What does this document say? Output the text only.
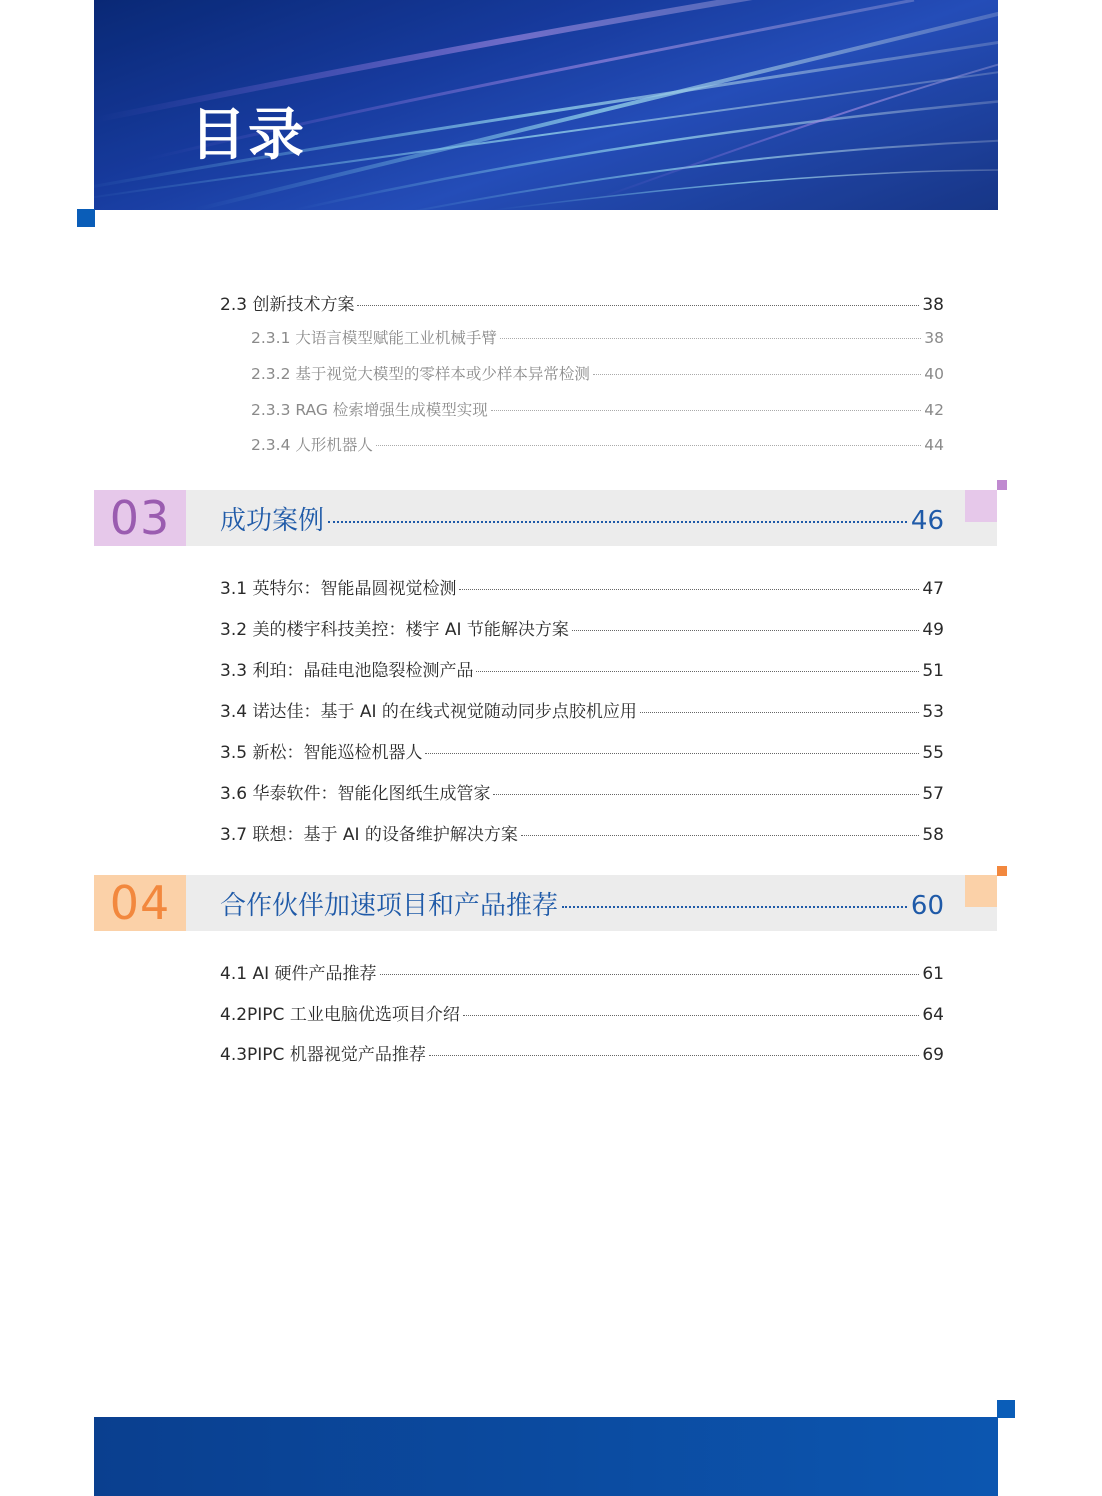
目录
2.3 创新技术方案	38
2.3.1 大语言模型赋能工业机械手臂	38
2.3.2 基于视觉大模型的零样本或少样本异常检测	40
2.3.3 RAG 检索增强生成模型实现	42
2.3.4 人形机器人	44
03	成功案例	46
3.1 英特尔：智能晶圆视觉检测	47
3.2 美的楼宇科技美控：楼宇 AI 节能解决方案	49
3.3 利珀：晶硅电池隐裂检测产品	51
3.4 诺达佳：基于 AI 的在线式视觉随动同步点胶机应用	53
3.5 新松：智能巡检机器人	55
3.6 华泰软件：智能化图纸生成管家	57
3.7 联想：基于 AI 的设备维护解决方案	58
04	合作伙伴加速项目和产品推荐	60
4.1 AI 硬件产品推荐	61
4.2PIPC 工业电脑优选项目介绍	64
4.3PIPC 机器视觉产品推荐	69
